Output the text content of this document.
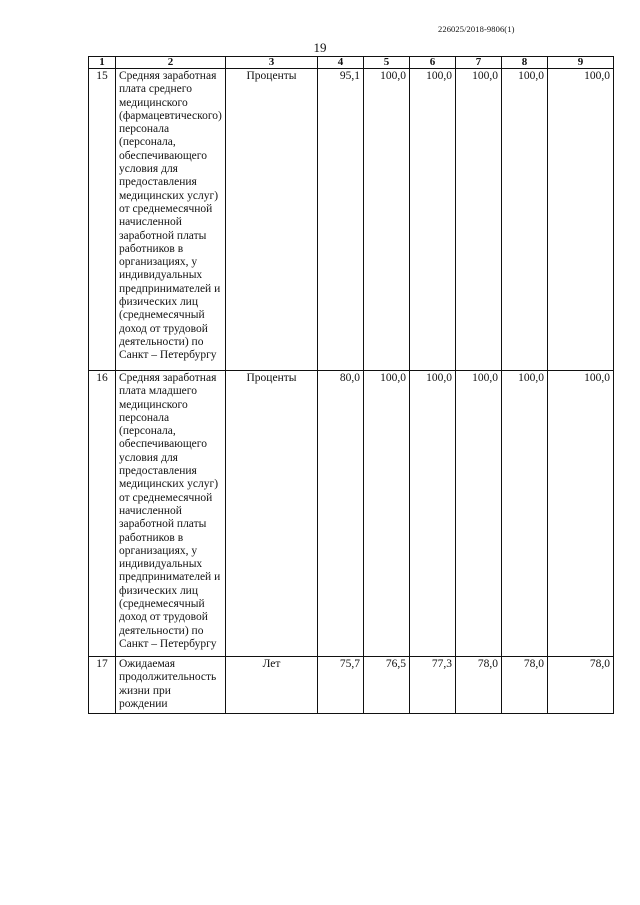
226025/2018-9806(1)
19
1	2	3	4	5	6	7	8	9
15	Средняя заработная плата среднего медицинского (фармацевтического) персонала (персонала, обеспечивающего условия для предоставления медицинских услуг) от среднемесячной начисленной заработной платы работников в организациях, у индивидуальных предпринимателей и физических лиц (среднемесячный доход от трудовой деятельности) по Санкт – Петербургу	Проценты	95,1	100,0	100,0	100,0	100,0	100,0
16	Средняя заработная плата младшего медицинского персонала (персонала, обеспечивающего условия для предоставления медицинских услуг) от среднемесячной начисленной заработной платы работников в организациях, у индивидуальных предпринимателей и физических лиц (среднемесячный доход от трудовой деятельности) по Санкт – Петербургу	Проценты	80,0	100,0	100,0	100,0	100,0	100,0
17	Ожидаемая продолжительность жизни при рождении	Лет	75,7	76,5	77,3	78,0	78,0	78,0
